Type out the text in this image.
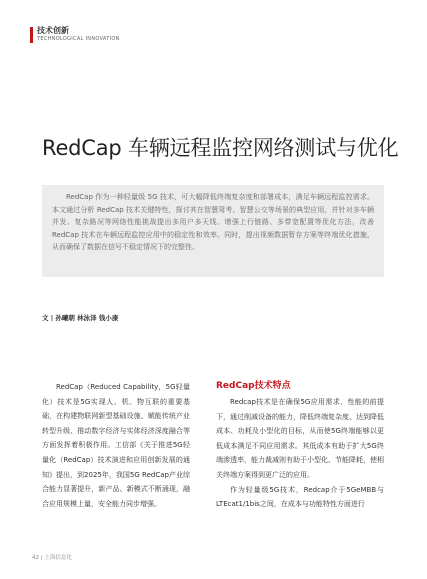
技术创新
TECHNOLOGICAL INNOVATION
RedCap 车辆远程监控网络测试与优化
RedCap 作为一种轻量级 5G 技术，可大幅降低终端复杂度和部署成本，满足车辆远程监控需求。本文通过分析 RedCap 技术关键特性，探讨其在智慧驾考、智慧公交等场景的典型应用，并针对多车辆并发、复杂路况等网络性能挑战提出多用户多天线、增强上行链路、多带宽配置等优化方法，改善 RedCap 技术在车辆远程监控应用中的稳定性和效率。同时，提出视频数据暂存方案等终端优化措施，从而确保了数据在信号不稳定情况下的完整性。
文 | 孙曦朝 林泳泽 钱小康

RedCap（Reduced Capability，5G轻量化）技术是5G实现人、机、物互联的重要基础，在构建物联网新型基础设施、赋能传统产业转型升级、推动数字经济与实体经济深度融合等方面发挥着积极作用。工信部《关于推进5G轻量化（RedCap）技术演进和应用创新发展的通知》提出，到2025年，我国5G RedCap产业综合能力显著提升，新产品、新模式不断涌现，融合应用规模上量，安全能力同步增强。

RedCap技术特点

Redcap技术是在确保5G应用需求、性能的前提下，通过削减设备的能力，降低终端复杂度，达到降低成本、功耗及小型化的目标，从而使5G终端能够以更低成本满足不同应用需求。其低成本有助于扩大5G终端渗透率，能力裁减则有助于小型化、节能降耗，使相关终端方案得到更广泛的应用。

作为轻量级5G技术，Redcap介于5GeMBB与LTEcat1/1bis之间，在成本与功能特性方面进行

42 | 上海信息化
